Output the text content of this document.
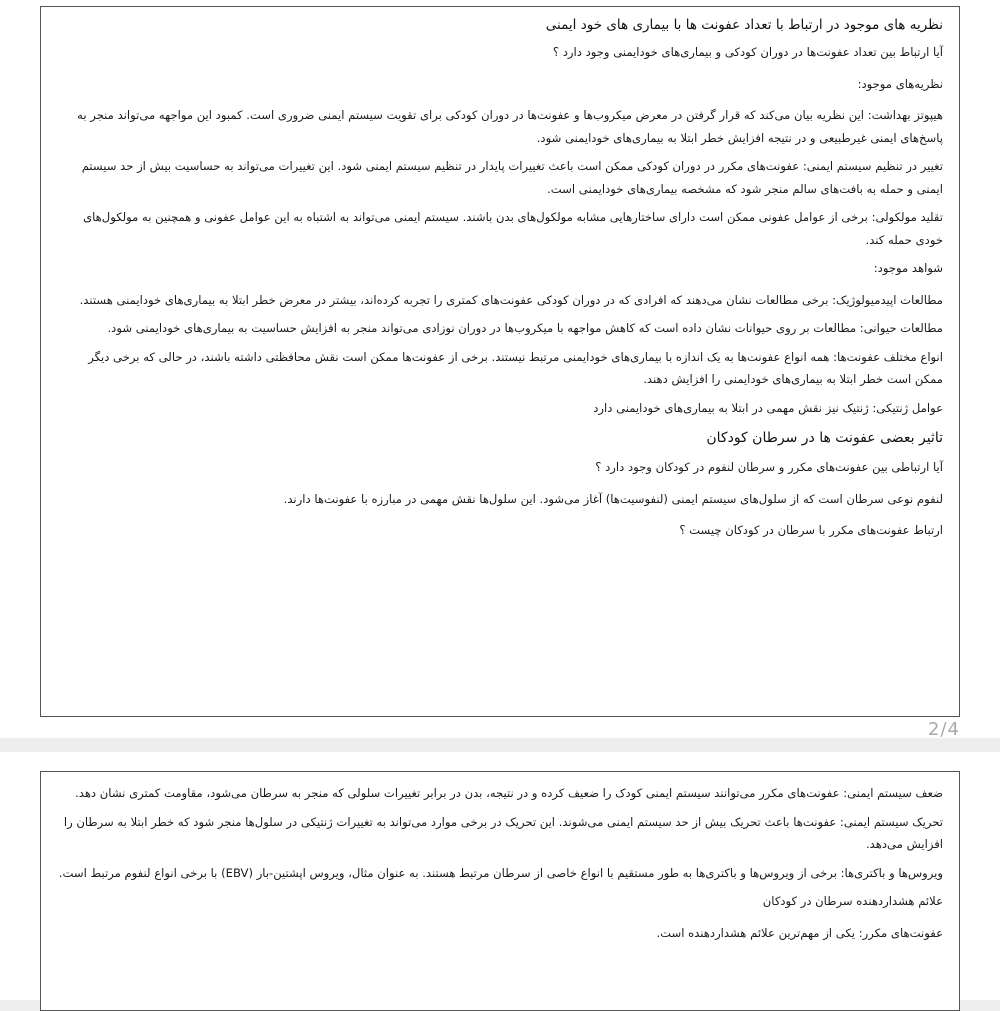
نظریه های موجود در ارتباط با تعداد عفونت ها با بیماری های خود ایمنی
آیا ارتباط بین تعداد عفونت‌ها در دوران کودکی و بیماری‌های خودایمنی وجود دارد ؟
نظریه‌های موجود:
هیپوتز بهداشت: این نظریه بیان می‌کند که قرار گرفتن در معرض میکروب‌ها و عفونت‌ها در دوران کودکی برای تقویت سیستم ایمنی ضروری است. کمبود این مواجهه می‌تواند منجر به پاسخ‌های ایمنی غیرطبیعی و در نتیجه افزایش خطر ابتلا به بیماری‌های خودایمنی شود.
تغییر در تنظیم سیستم ایمنی: عفونت‌های مکرر در دوران کودکی ممکن است باعث تغییرات پایدار در تنظیم سیستم ایمنی شود. این تغییرات می‌تواند به حساسیت بیش از حد سیستم ایمنی و حمله به بافت‌های سالم منجر شود که مشخصه بیماری‌های خودایمنی است.
تقلید مولکولی: برخی از عوامل عفونی ممکن است دارای ساختارهایی مشابه مولکول‌های بدن باشند. سیستم ایمنی می‌تواند به اشتباه به این عوامل عفونی و همچنین به مولکول‌های خودی حمله کند.
شواهد موجود:
مطالعات اپیدمیولوژیک: برخی مطالعات نشان می‌دهند که افرادی که در دوران کودکی عفونت‌های کمتری را تجربه کرده‌اند، بیشتر در معرض خطر ابتلا به بیماری‌های خودایمنی هستند.
مطالعات حیوانی: مطالعات بر روی حیوانات نشان داده است که کاهش مواجهه با میکروب‌ها در دوران نوزادی می‌تواند منجر به افزایش حساسیت به بیماری‌های خودایمنی شود.
انواع مختلف عفونت‌ها: همه انواع عفونت‌ها به یک اندازه با بیماری‌های خودایمنی مرتبط نیستند. برخی از عفونت‌ها ممکن است نقش محافظتی داشته باشند، در حالی که برخی دیگر ممکن است خطر ابتلا به بیماری‌های خودایمنی را افزایش دهند.
عوامل ژنتیکی: ژنتیک نیز نقش مهمی در ابتلا به بیماری‌های خودایمنی دارد
تاثیر بعضی عفونت ها در سرطان کودکان
آیا ارتباطی بین عفونت‌های مکرر و سرطان لنفوم در کودکان وجود دارد ؟
لنفوم نوعی سرطان است که از سلول‌های سیستم ایمنی (لنفوسیت‌ها) آغاز می‌شود. این سلول‌ها نقش مهمی در مبارزه با عفونت‌ها دارند.
ارتباط عفونت‌های مکرر با سرطان در کودکان چیست ؟
2/4
ضعف سیستم ایمنی: عفونت‌های مکرر می‌توانند سیستم ایمنی کودک را ضعیف کرده و در نتیجه، بدن در برابر تغییرات سلولی که منجر به سرطان می‌شود، مقاومت کمتری نشان دهد.
تحریک سیستم ایمنی: عفونت‌ها باعث تحریک بیش از حد سیستم ایمنی می‌شوند. این تحریک در برخی موارد می‌تواند به تغییرات ژنتیکی در سلول‌ها منجر شود که خطر ابتلا به سرطان را افزایش می‌دهد.
ویروس‌ها و باکتری‌ها: برخی از ویروس‌ها و باکتری‌ها به طور مستقیم با انواع خاصی از سرطان مرتبط هستند. به عنوان مثال، ویروس اپشتین-بار (EBV) با برخی انواع لنفوم مرتبط است.
علائم هشداردهنده سرطان در کودکان
عفونت‌های مکرر: یکی از مهم‌ترین علائم هشداردهنده است.
